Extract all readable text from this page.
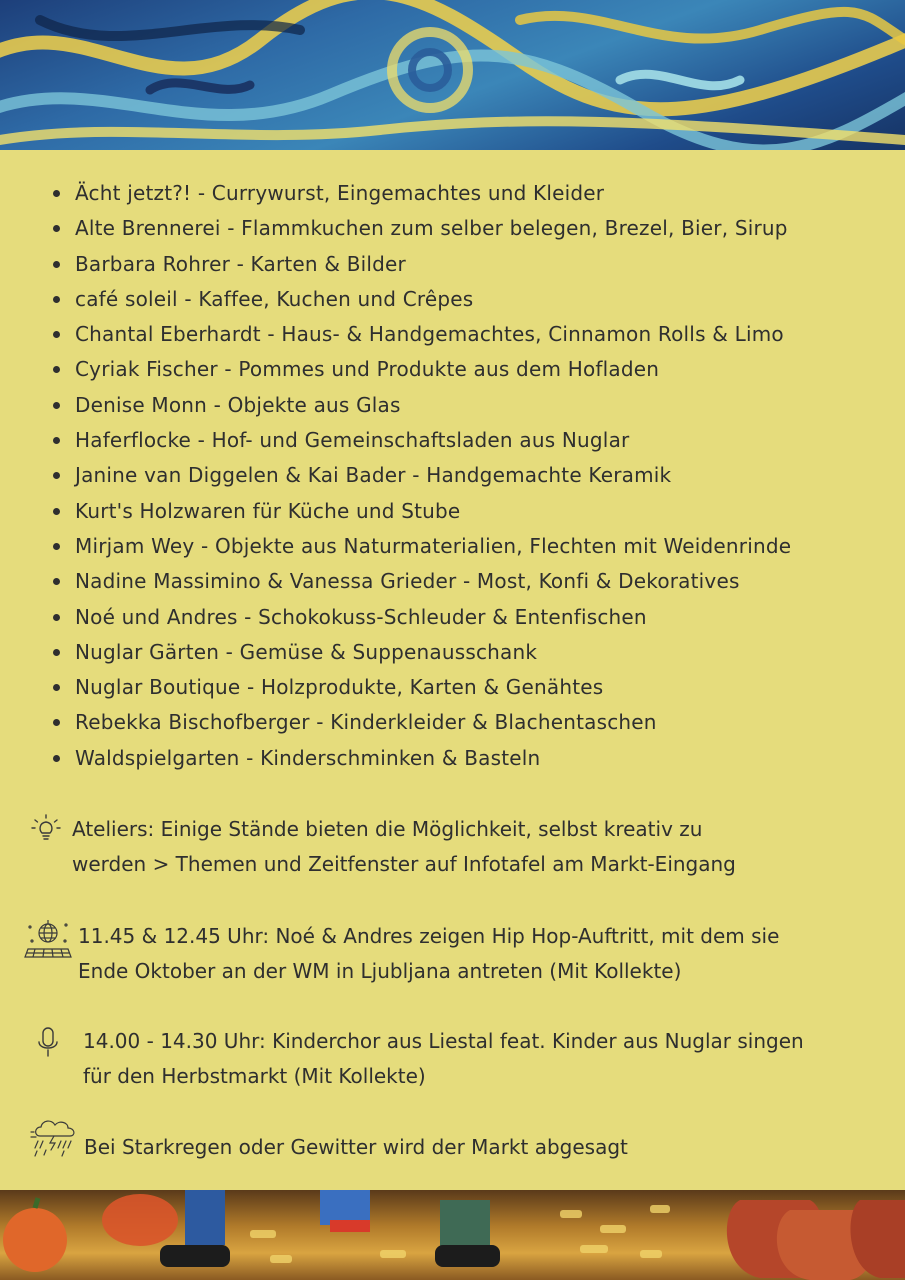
Ächt jetzt?! - Currywurst, Eingemachtes und Kleider
Alte Brennerei - Flammkuchen zum selber belegen, Brezel, Bier, Sirup
Barbara Rohrer - Karten & Bilder
café soleil - Kaffee, Kuchen und Crêpes
Chantal Eberhardt - Haus- & Handgemachtes, Cinnamon Rolls & Limo
Cyriak Fischer - Pommes und Produkte aus dem Hofladen
Denise Monn - Objekte aus Glas
Haferflocke - Hof- und Gemeinschaftsladen aus Nuglar
Janine van Diggelen & Kai Bader - Handgemachte Keramik
Kurt's Holzwaren für Küche und Stube
Mirjam Wey - Objekte aus Naturmaterialien, Flechten mit Weidenrinde
Nadine Massimino & Vanessa Grieder - Most, Konfi & Dekoratives
Noé und Andres - Schokokuss-Schleuder & Entenfischen
Nuglar Gärten - Gemüse & Suppenausschank
Nuglar Boutique - Holzprodukte, Karten & Genähtes
Rebekka Bischofberger - Kinderkleider & Blachentaschen
Waldspielgarten - Kinderschminken & Basteln
Ateliers: Einige Stände bieten die Möglichkeit, selbst kreativ zu
werden > Themen und Zeitfenster auf Infotafel am Markt-Eingang
11.45 & 12.45 Uhr: Noé & Andres zeigen Hip Hop-Auftritt, mit dem sie
Ende Oktober an der WM in Ljubljana antreten (Mit Kollekte)
14.00 - 14.30 Uhr: Kinderchor aus Liestal feat. Kinder aus Nuglar singen
für den Herbstmarkt (Mit Kollekte)
Bei Starkregen oder Gewitter wird der Markt abgesagt
